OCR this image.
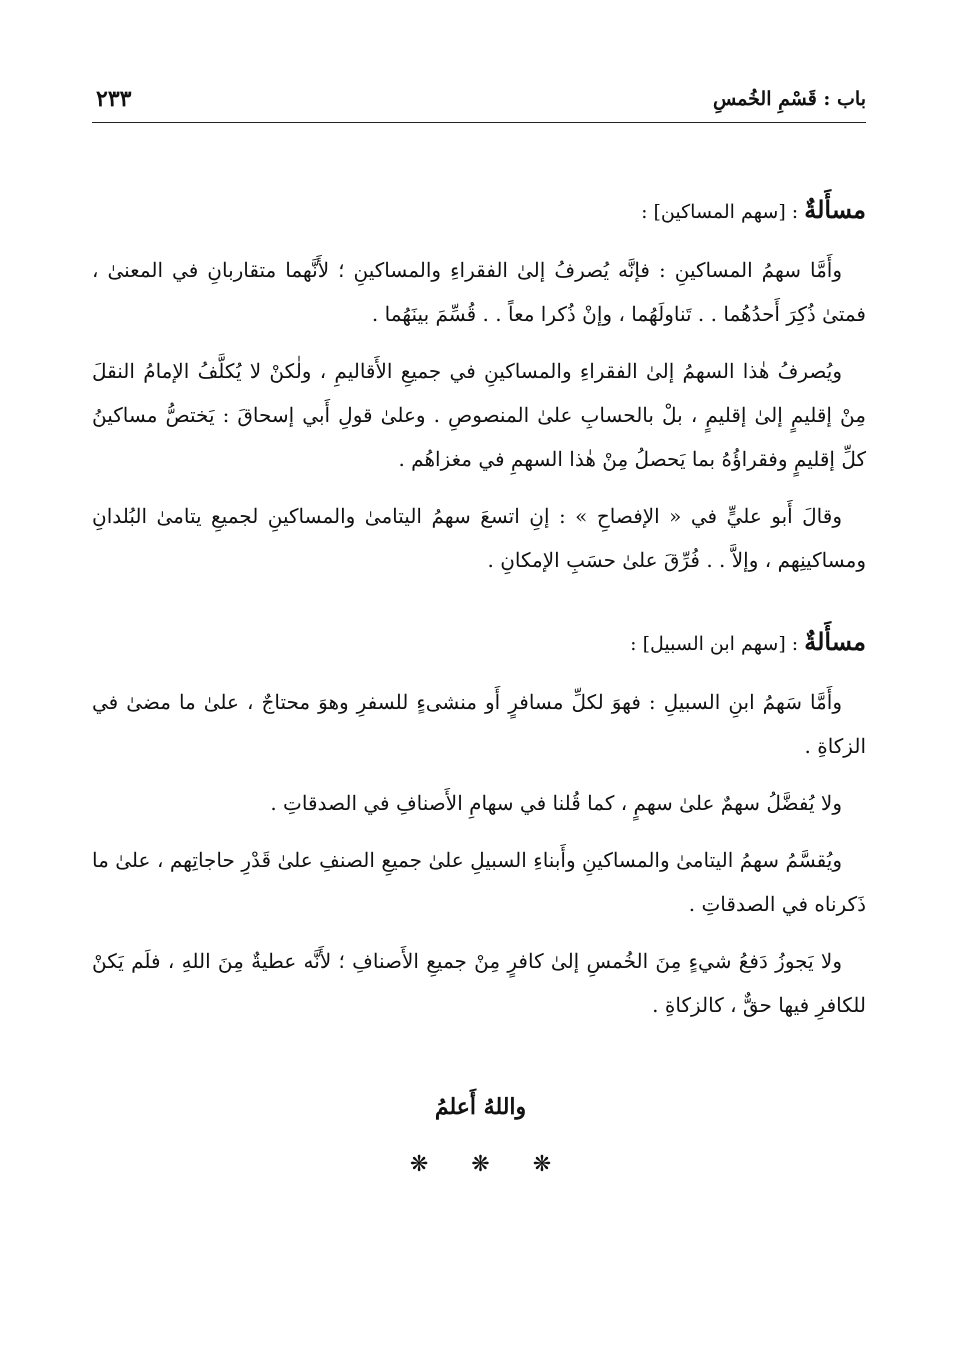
باب : قَسْمِ الخُمسِ
٢٣٣
مسأَلةٌ : [سهم المساكين] :

وأَمَّا سهمُ المساكينِ : فإنَّه يُصرفُ إلىٰ الفقراءِ والمساكينِ ؛ لأَنَّهما متقاربانِ في المعنىٰ ، فمتىٰ ذُكِرَ أَحدُهُما . . تَناولَهُما ، وإنْ ذُكرا معاً . . قُسِّمَ بينَهُما .

ويُصرفُ هٰذا السهمُ إلىٰ الفقراءِ والمساكينِ في جميعِ الأَقاليمِ ، ولٰكنْ لا يُكلَّفُ الإمامُ النقلَ مِنْ إقليمٍ إلىٰ إقليمٍ ، بلْ بالحسابِ علىٰ المنصوصِ . وعلىٰ قولِ أَبي إسحاقَ : يَختصُّ مساكينُ كلِّ إقليمٍ وفقراؤُهُ بما يَحصلُ مِنْ هٰذا السهمِ في مغزاهُم .

وقالَ أَبو عليٍّ في « الإفصاحِ » : إنِ اتسعَ سهمُ اليتامىٰ والمساكينِ لجميعِ يتامىٰ البُلدانِ ومساكينِهم ، وإلاَّ . . فُرِّقَ علىٰ حسَبِ الإمكانِ .

مسأَلةٌ : [سهم ابن السبيل] :

وأَمَّا سَهمُ ابنِ السبيلِ : فهوَ لكلِّ مسافرٍ أَو منشىءٍ للسفرِ وهوَ محتاجٌ ، علىٰ ما مضىٰ في الزكاةِ .

ولا يُفضَّلُ سهمٌ علىٰ سهمٍ ، كما قُلنا في سهامِ الأَصنافِ في الصدقاتِ .

ويُقسَّمُ سهمُ اليتامىٰ والمساكينِ وأَبناءِ السبيلِ علىٰ جميعِ الصنفِ علىٰ قَدْرِ حاجاتِهم ، علىٰ ما ذَكرناه في الصدقاتِ .

ولا يَجوزُ دَفعُ شيءٍ مِنَ الخُمسِ إلىٰ كافرٍ مِنْ جميعِ الأَصنافِ ؛ لأَنَّه عطيةٌ مِنَ اللهِ ، فلَم يَكنْ للكافرِ فيها حقٌّ ، كالزكاةِ .

واللهُ أَعلمُ
❋ ❋ ❋
